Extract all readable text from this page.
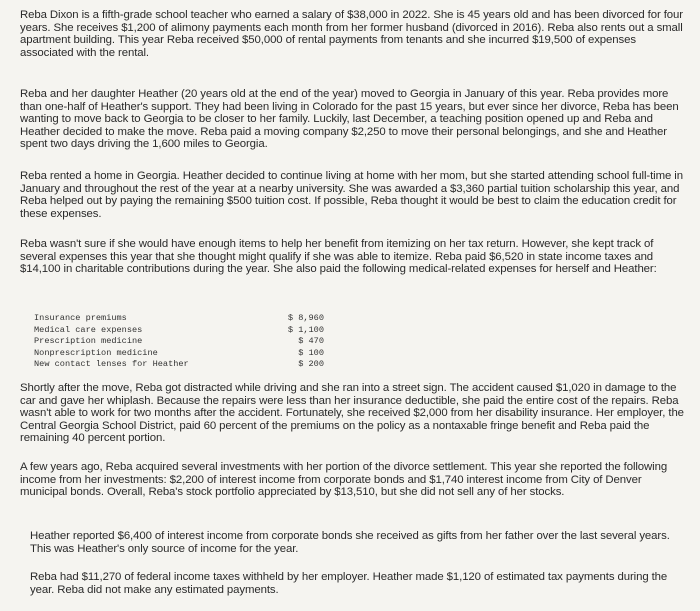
Reba Dixon is a fifth-grade school teacher who earned a salary of $38,000 in 2022. She is 45 years old and has been divorced for four years. She receives $1,200 of alimony payments each month from her former husband (divorced in 2016). Reba also rents out a small apartment building. This year Reba received $50,000 of rental payments from tenants and she incurred $19,500 of expenses associated with the rental.

Reba and her daughter Heather (20 years old at the end of the year) moved to Georgia in January of this year. Reba provides more than one-half of Heather's support. They had been living in Colorado for the past 15 years, but ever since her divorce, Reba has been wanting to move back to Georgia to be closer to her family. Luckily, last December, a teaching position opened up and Reba and Heather decided to make the move. Reba paid a moving company $2,250 to move their personal belongings, and she and Heather spent two days driving the 1,600 miles to Georgia.

Reba rented a home in Georgia. Heather decided to continue living at home with her mom, but she started attending school full-time in January and throughout the rest of the year at a nearby university. She was awarded a $3,360 partial tuition scholarship this year, and Reba helped out by paying the remaining $500 tuition cost. If possible, Reba thought it would be best to claim the education credit for these expenses.

Reba wasn't sure if she would have enough items to help her benefit from itemizing on her tax return. However, she kept track of several expenses this year that she thought might qualify if she was able to itemize. Reba paid $6,520 in state income taxes and $14,100 in charitable contributions during the year. She also paid the following medical-related expenses for herself and Heather:

Insurance premiums	$ 8,960
Medical care expenses	$ 1,100
Prescription medicine	$ 470
Nonprescription medicine	$ 100
New contact lenses for Heather	$ 200

Shortly after the move, Reba got distracted while driving and she ran into a street sign. The accident caused $1,020 in damage to the car and gave her whiplash. Because the repairs were less than her insurance deductible, she paid the entire cost of the repairs. Reba wasn't able to work for two months after the accident. Fortunately, she received $2,000 from her disability insurance. Her employer, the Central Georgia School District, paid 60 percent of the premiums on the policy as a nontaxable fringe benefit and Reba paid the remaining 40 percent portion.

A few years ago, Reba acquired several investments with her portion of the divorce settlement. This year she reported the following income from her investments: $2,200 of interest income from corporate bonds and $1,740 interest income from City of Denver municipal bonds. Overall, Reba's stock portfolio appreciated by $13,510, but she did not sell any of her stocks.

Heather reported $6,400 of interest income from corporate bonds she received as gifts from her father over the last several years. This was Heather's only source of income for the year.

Reba had $11,270 of federal income taxes withheld by her employer. Heather made $1,120 of estimated tax payments during the year. Reba did not make any estimated payments.
